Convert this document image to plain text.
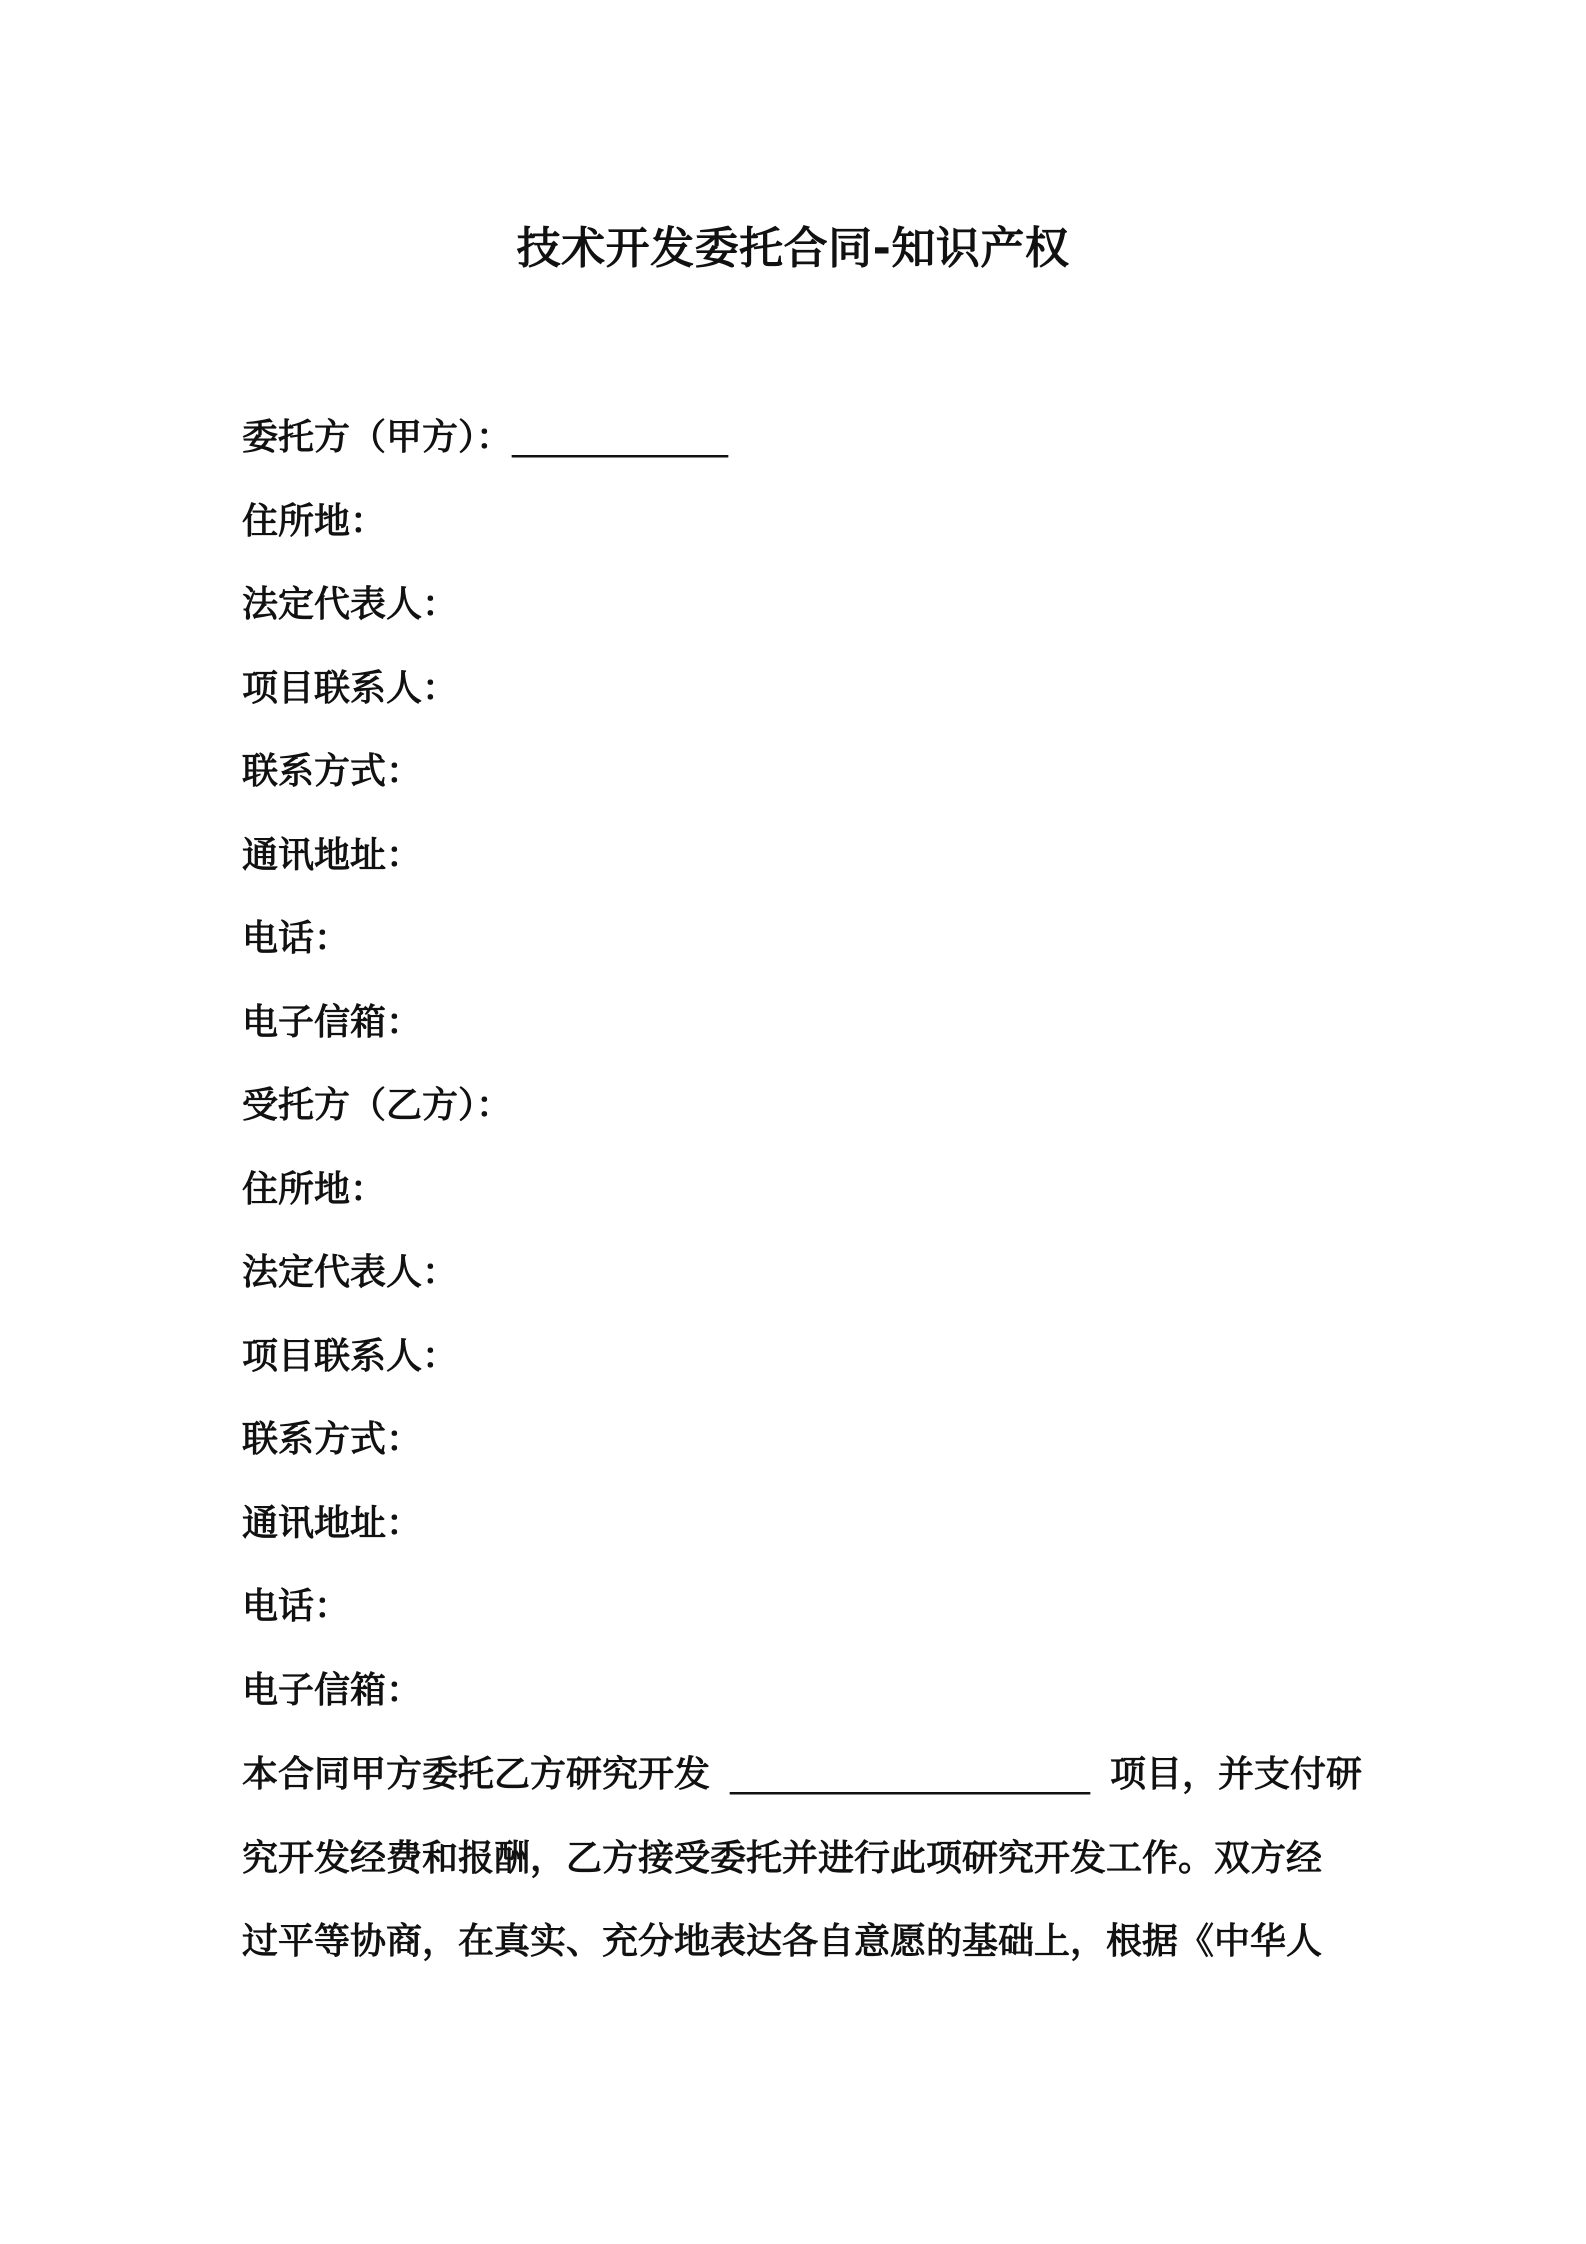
技术开发委托合同-知识产权
委托方（甲方）：____________
住所地：
法定代表人：
项目联系人：
联系方式：
通讯地址：
电话：
电子信箱：
受托方（乙方）：
住所地：
法定代表人：
项目联系人：
联系方式：
通讯地址：
电话：
电子信箱：
本合同甲方委托乙方研究开发 ____________________ 项目，并支付研
究开发经费和报酬，乙方接受委托并进行此项研究开发工作。双方经
过平等协商，在真实、充分地表达各自意愿的基础上，根据《中华人
